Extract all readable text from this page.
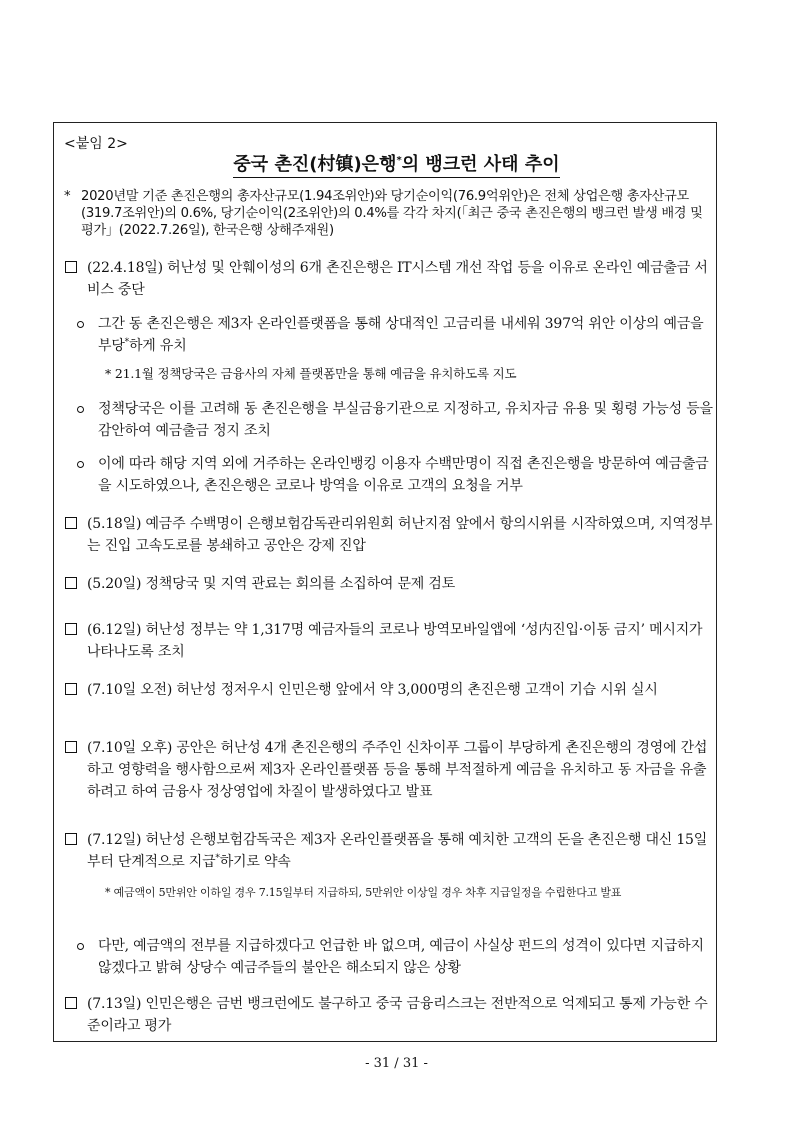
<붙임 2>
중국 촌진(村镇)은행*의 뱅크런 사태 추이
* 2020년말 기준 촌진은행의 총자산규모(1.94조위안)와 당기순이익(76.9억위안)은 전체 상업은행 총자산규모(319.7조위안)의 0.6%, 당기순이익(2조위안)의 0.4%를 각각 차지(「최근 중국 촌진은행의 뱅크런 발생 배경 및 평가」(2022.7.26일), 한국은행 상해주재원)
(22.4.18일) 허난성 및 안훼이성의 6개 촌진은행은 IT시스템 개선 작업 등을 이유로 온라인 예금출금 서비스 중단
그간 동 촌진은행은 제3자 온라인플랫폼을 통해 상대적인 고금리를 내세워 397억 위안 이상의 예금을 부당*하게 유치
* 21.1월 정책당국은 금융사의 자체 플랫폼만을 통해 예금을 유치하도록 지도
정책당국은 이를 고려해 동 촌진은행을 부실금융기관으로 지정하고, 유치자금 유용 및 횡령 가능성 등을 감안하여 예금출금 정지 조치
이에 따라 해당 지역 외에 거주하는 온라인뱅킹 이용자 수백만명이 직접 촌진은행을 방문하여 예금출금을 시도하였으나, 촌진은행은 코로나 방역을 이유로 고객의 요청을 거부
(5.18일) 예금주 수백명이 은행보험감독관리위원회 허난지점 앞에서 항의시위를 시작하였으며, 지역정부는 진입 고속도로를 봉쇄하고 공안은 강제 진압
(5.20일) 정책당국 및 지역 관료는 회의를 소집하여 문제 검토
(6.12일) 허난성 정부는 약 1,317명 예금자들의 코로나 방역모바일앱에 ‘성内진입·이동 금지’ 메시지가 나타나도록 조치
(7.10일 오전) 허난성 정저우시 인민은행 앞에서 약 3,000명의 촌진은행 고객이 기습 시위 실시
(7.10일 오후) 공안은 허난성 4개 촌진은행의 주주인 신차이푸 그룹이 부당하게 촌진은행의 경영에 간섭하고 영향력을 행사함으로써 제3자 온라인플랫폼 등을 통해 부적절하게 예금을 유치하고 동 자금을 유출하려고 하여 금융사 정상영업에 차질이 발생하였다고 발표
(7.12일) 허난성 은행보험감독국은 제3자 온라인플랫폼을 통해 예치한 고객의 돈을 촌진은행 대신 15일부터 단계적으로 지급*하기로 약속
* 예금액이 5만위안 이하일 경우 7.15일부터 지급하되, 5만위안 이상일 경우 차후 지급일정을 수립한다고 발표
다만, 예금액의 전부를 지급하겠다고 언급한 바 없으며, 예금이 사실상 펀드의 성격이 있다면 지급하지 않겠다고 밝혀 상당수 예금주들의 불안은 해소되지 않은 상황
(7.13일) 인민은행은 금번 뱅크런에도 불구하고 중국 금융리스크는 전반적으로 억제되고 통제 가능한 수준이라고 평가
- 31 / 31 -
